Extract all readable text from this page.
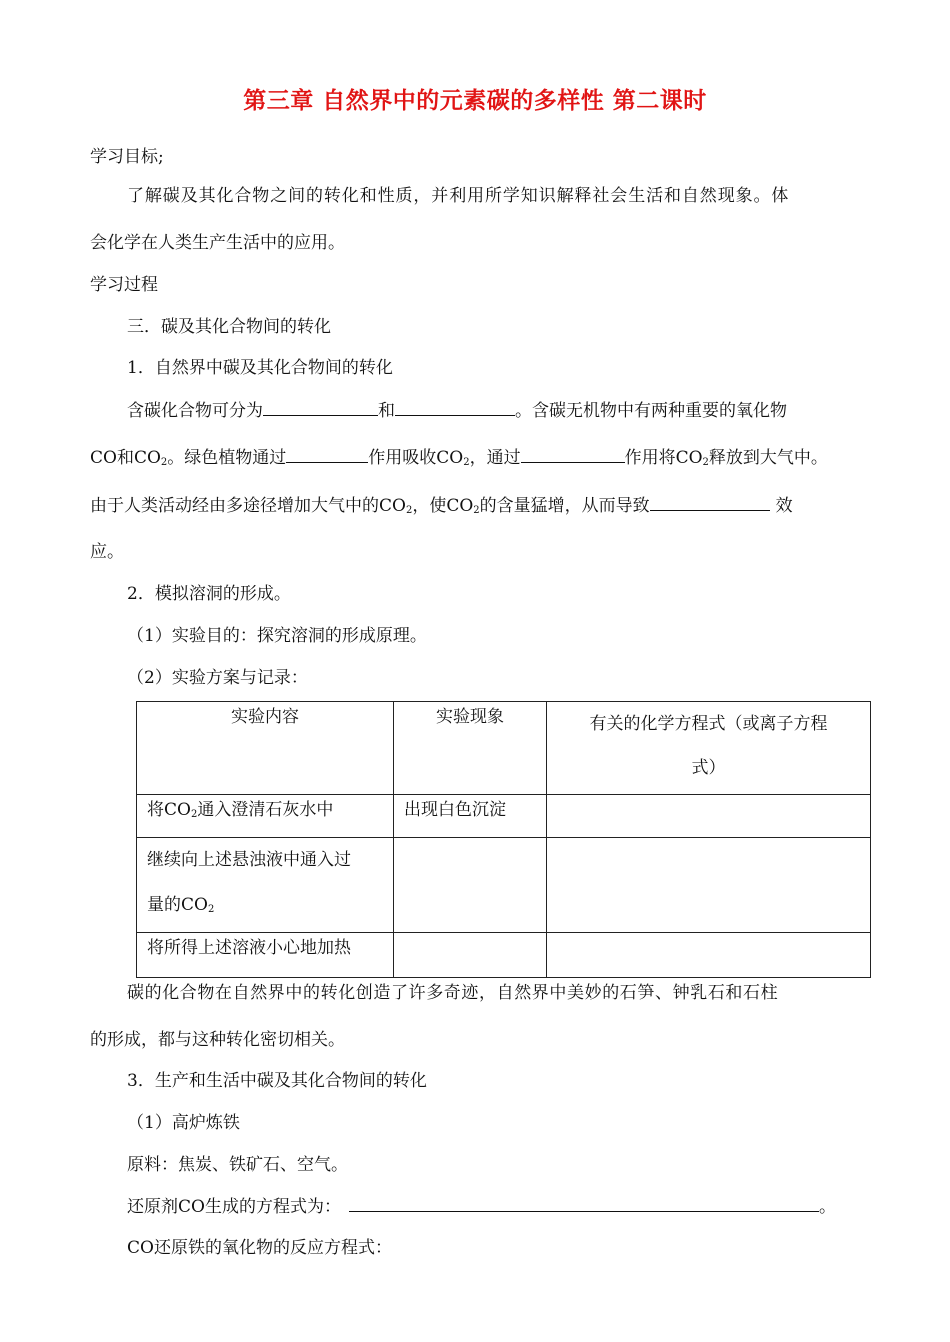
第三章 自然界中的元素碳的多样性 第二课时
学习目标;
了解碳及其化合物之间的转化和性质，并利用所学知识解释社会生活和自然现象。体
会化学在人类生产生活中的应用。
学习过程
三．碳及其化合物间的转化
1．自然界中碳及其化合物间的转化
含碳化合物可分为	和	。含碳无机物中有两种重要的氧化物
CO和$CO_2$。绿色植物通过	作用吸收$CO_2$，通过	作用将$CO_2$释放到大气中。
由于人类活动经由多途径增加大气中的$CO_2$，使$CO_2$的含量猛增，从而导致	效
应。
2．模拟溶洞的形成。
（1）实验目的：探究溶洞的形成原理。
（2）实验方案与记录：
实验内容	实验现象	有关的化学方程式（或离子方程
式）

将$CO_2$通入澄清石灰水中	出现白色沉淀	

继续向上述悬浊液中通入过
量的$CO_2$

将所得上述溶液小心地加热		
碳的化合物在自然界中的转化创造了许多奇迹，自然界中美妙的石笋、钟乳石和石柱
的形成，都与这种转化密切相关。
3．生产和生活中碳及其化合物间的转化
（1）高炉炼铁
原料：焦炭、铁矿石、空气。
还原剂CO生成的方程式为：	。
CO还原铁的氧化物的反应方程式：
